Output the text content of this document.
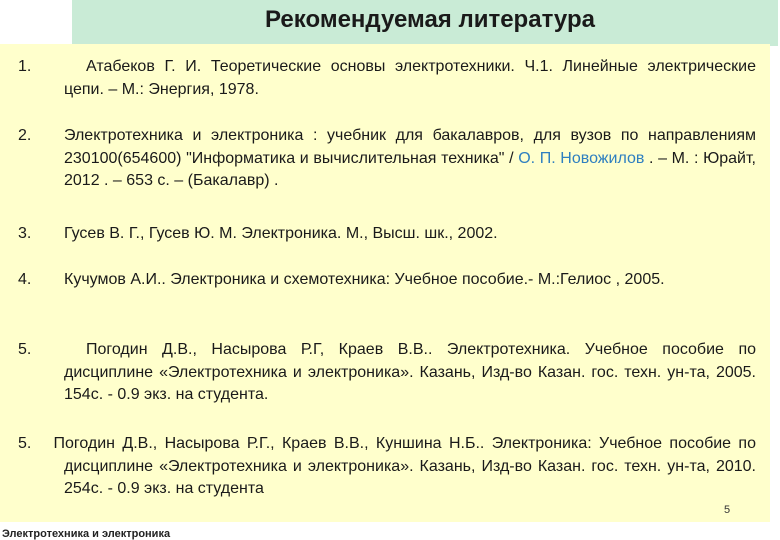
Рекомендуемая литература
1.	Атабеков Г. И. Теоретические основы электротехники. Ч.1. Линейные электрические цепи. – М.: Энергия, 1978.
2. Электротехника и электроника : учебник для бакалавров, для вузов по направлениям 230100(654600) "Информатика и вычислительная техника" / О. П. Новожилов . – М. : Юрайт, 2012 . – 653 с. – (Бакалавр) .
3. Гусев В. Г., Гусев Ю. М. Электроника. М., Высш. шк., 2002.
4. Кучумов А.И.. Электроника и схемотехника: Учебное пособие.- М.:Гелиос , 2005.
5.	Погодин Д.В., Насырова Р.Г, Краев В.В.. Электротехника. Учебное пособие по дисциплине «Электротехника и электроника». Казань, Изд-во Казан. гос. техн. ун-та, 2005. 154с. - 0.9 экз. на студента.
5. Погодин Д.В., Насырова Р.Г., Краев В.В., Куншина Н.Б.. Электроника: Учебное пособие по дисциплине «Электротехника и электроника». Казань, Изд-во Казан. гос. техн. ун-та, 2010. 254с. - 0.9 экз. на студента
5
Электротехника и электроника
